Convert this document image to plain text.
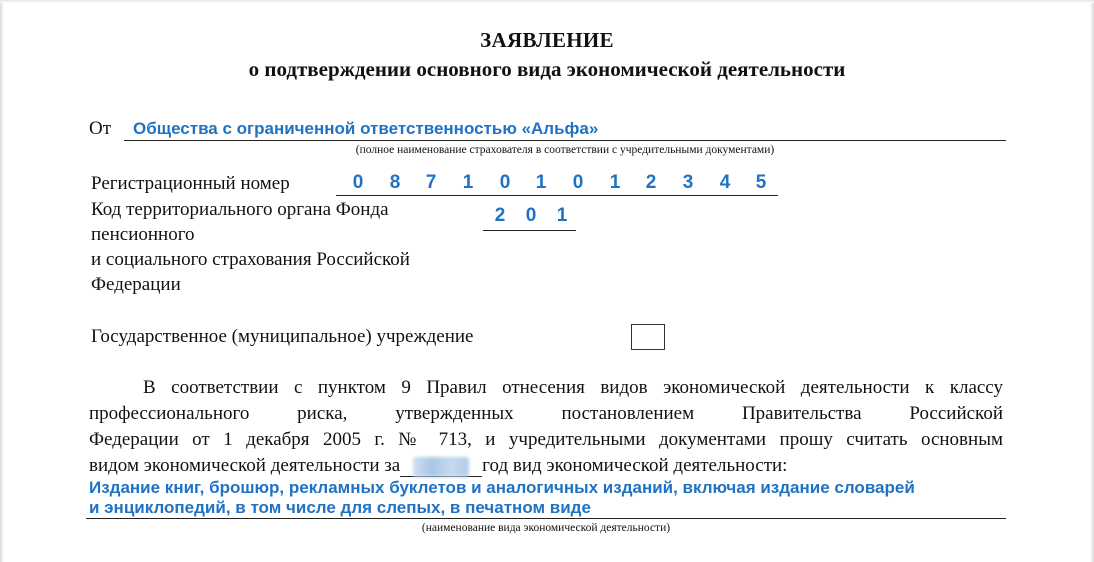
ЗАЯВЛЕНИЕ
о подтверждении основного вида экономической деятельности
От Общества с ограниченной ответственностью «Альфа»
(полное наименование страхователя в соответствии с учредительными документами)
Регистрационный номер	0 8 7 1 0 1 0 1 2 3 4 5
Код территориального органа Фонда
пенсионного
и социального страхования Российской
Федерации
2 0 1
Государственное (муниципальное) учреждение
В соответствии с пунктом 9 Правил отнесения видов экономической деятельности к классу
профессионального риска, утвержденных постановлением Правительства Российской
Федерации от 1 декабря 2005 г. № 713, и учредительными документами прошу считать основным
видом экономической деятельности за	год вид экономической деятельности:
Издание книг, брошюр, рекламных буклетов и аналогичных изданий, включая издание словарей
и энциклопедий, в том числе для слепых, в печатном виде
(наименование вида экономической деятельности)
